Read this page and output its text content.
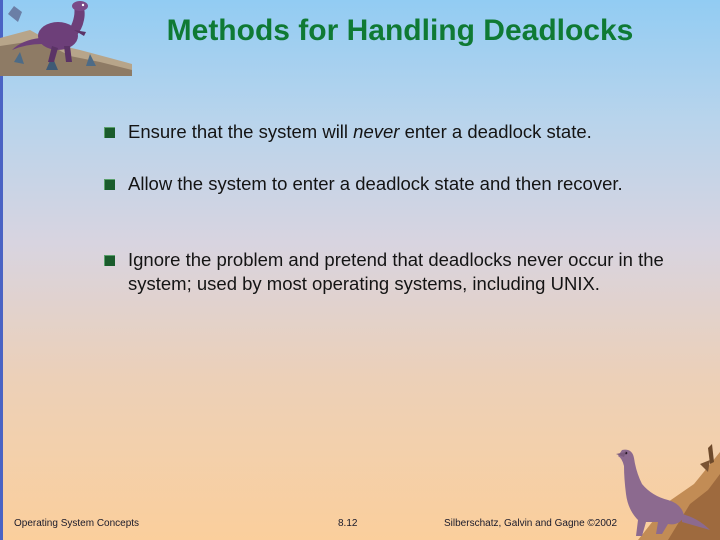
Methods for Handling Deadlocks
Ensure that the system will never enter a deadlock state.
Allow the system to enter a deadlock state and then recover.
Ignore the problem and pretend that deadlocks never occur in the system; used by most operating systems, including UNIX.
Operating System Concepts	8.12	Silberschatz, Galvin and Gagne ©2002
